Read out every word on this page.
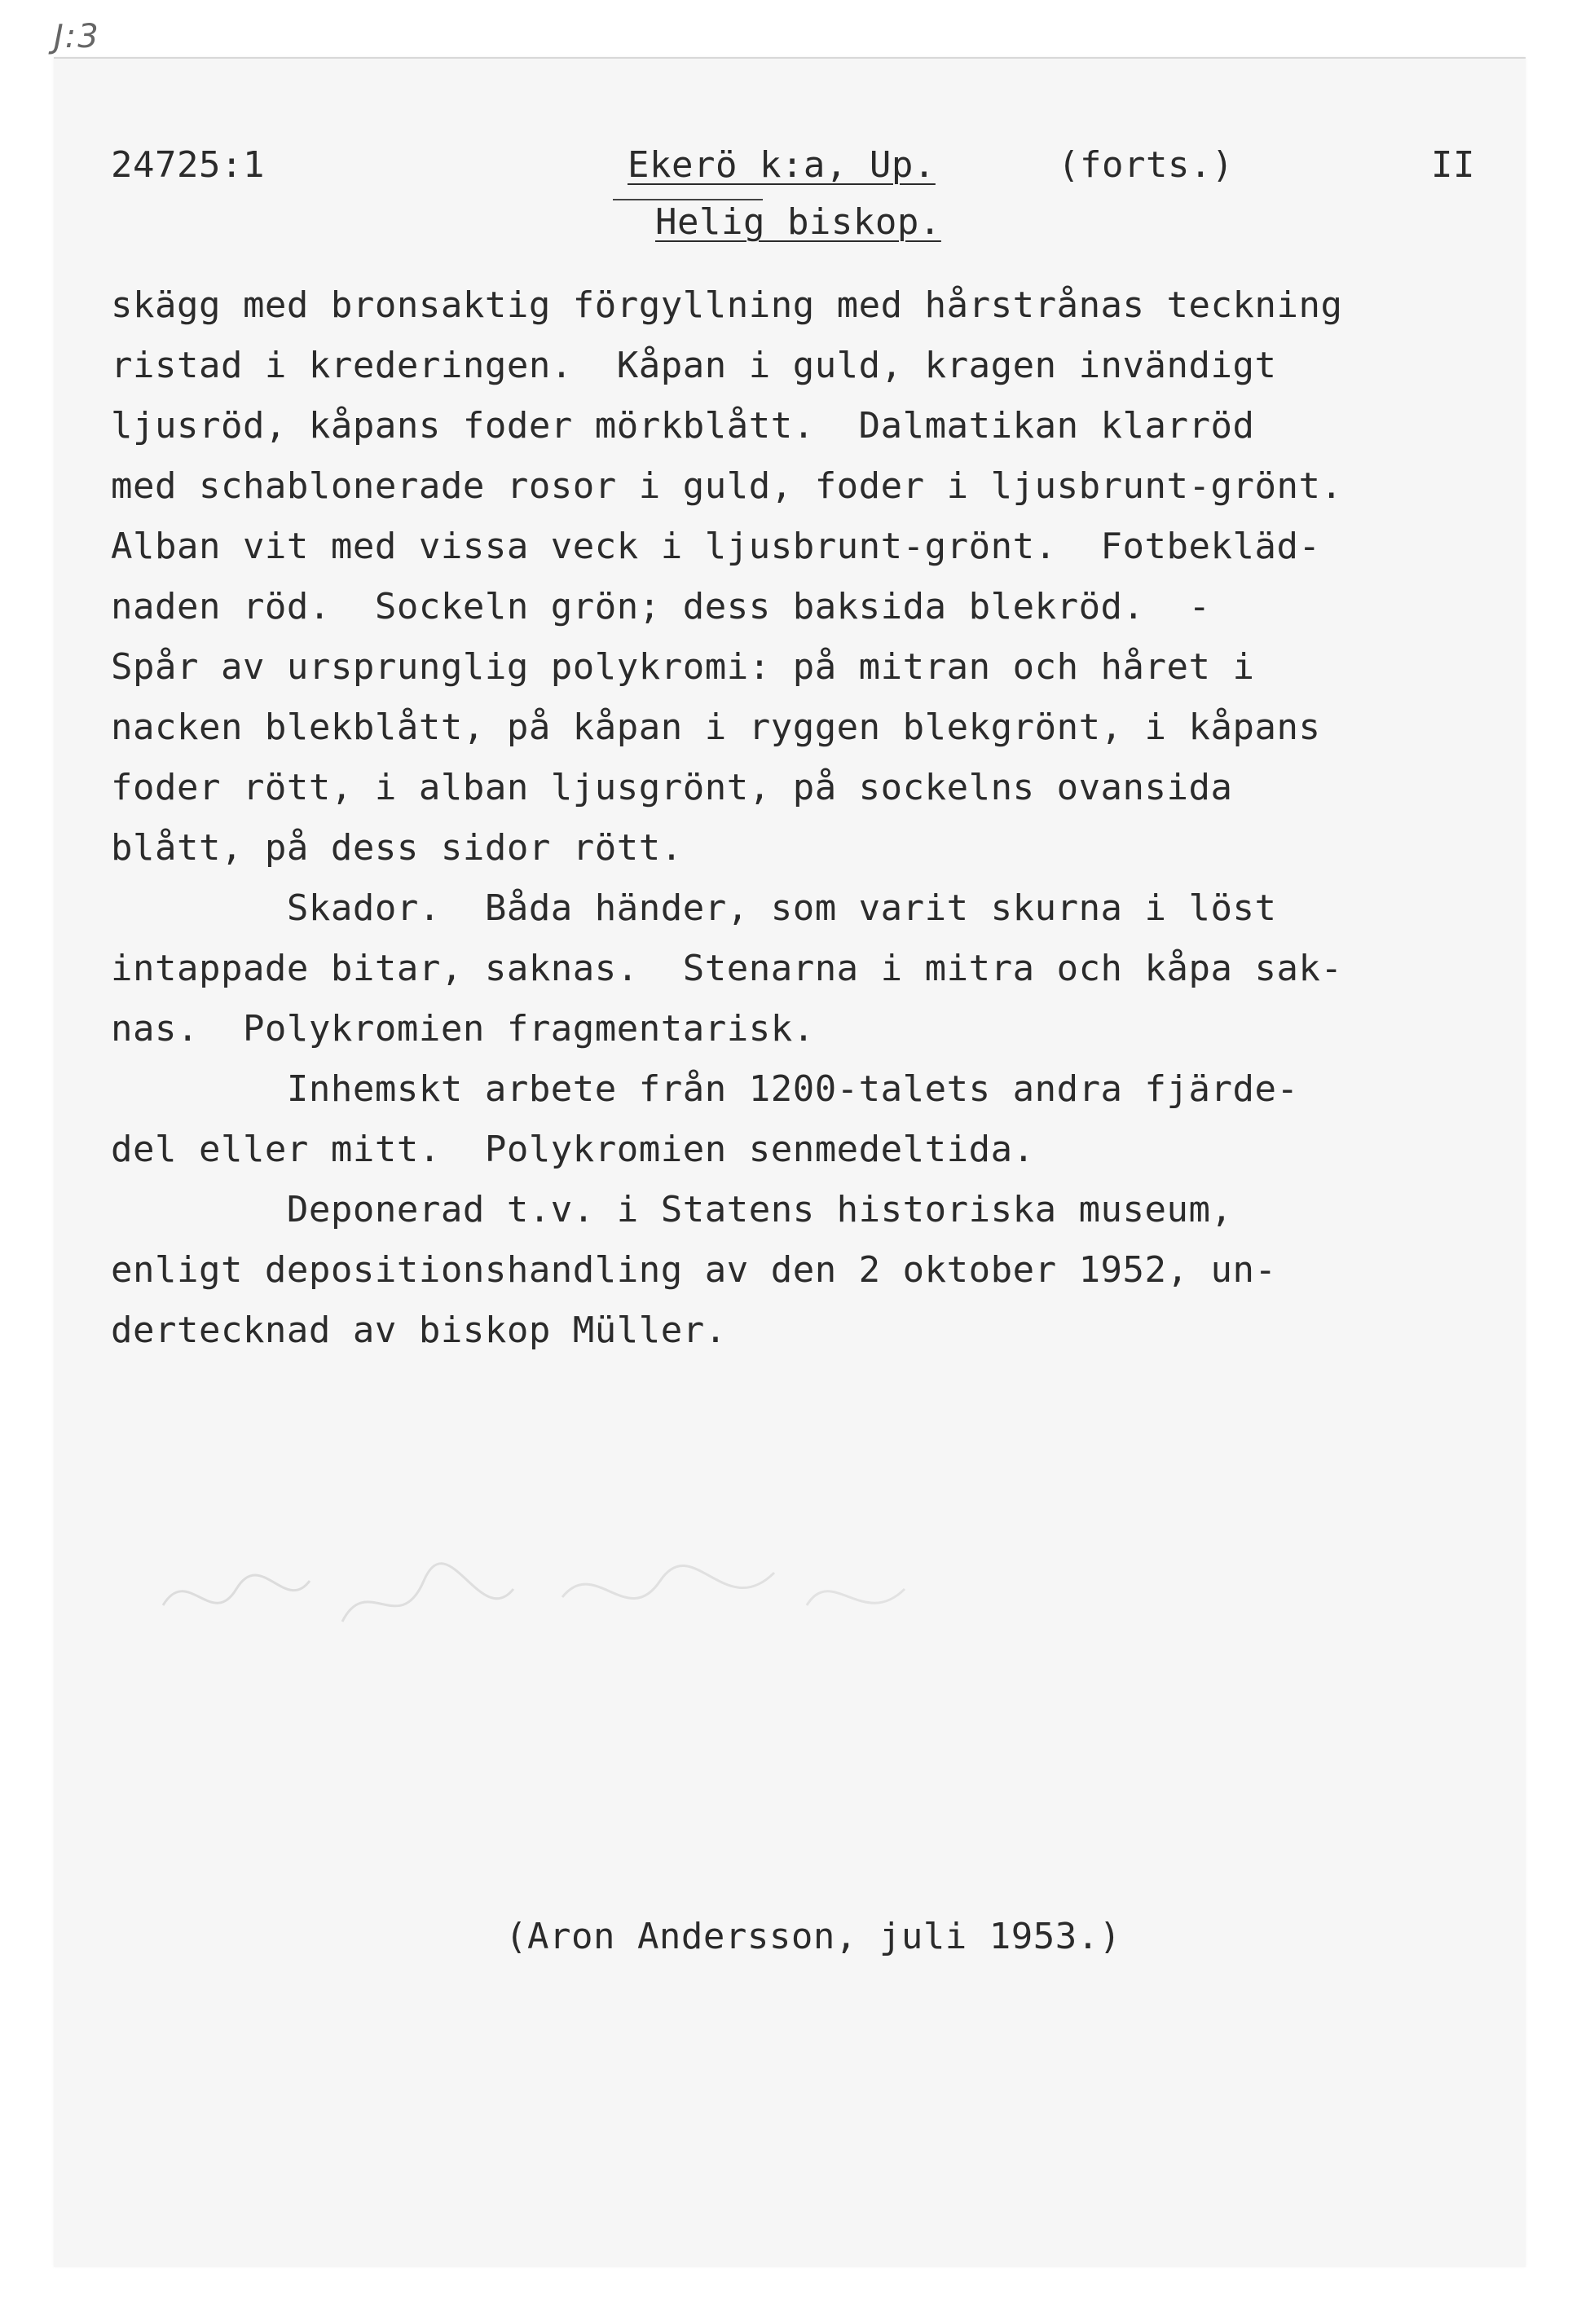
J:3
24725:1	Ekerö k:a, Up.	(forts.)	II
Helig biskop.
skägg med bronsaktig förgyllning med hårstrånas teckning
ristad i krederingen.  Kåpan i guld, kragen invändigt
ljusröd, kåpans foder mörkblått.  Dalmatikan klarröd
med schablonerade rosor i guld, foder i ljusbrunt-grönt.
Alban vit med vissa veck i ljusbrunt-grönt.  Fotbekläd-
naden röd.  Sockeln grön; dess baksida blekröd.  -
Spår av ursprunglig polykromi: på mitran och håret i
nacken blekblått, på kåpan i ryggen blekgrönt, i kåpans
foder rött, i alban ljusgrönt, på sockelns ovansida
blått, på dess sidor rött.
Skador.  Båda händer, som varit skurna i löst
intappade bitar, saknas.  Stenarna i mitra och kåpa sak-
nas.  Polykromien fragmentarisk.
Inhemskt arbete från 1200-talets andra fjärde-
del eller mitt.  Polykromien senmedeltida.
Deponerad t.v. i Statens historiska museum,
enligt depositionshandling av den 2 oktober 1952, un-
dertecknad av biskop Müller.
(Aron Andersson, juli 1953.)
